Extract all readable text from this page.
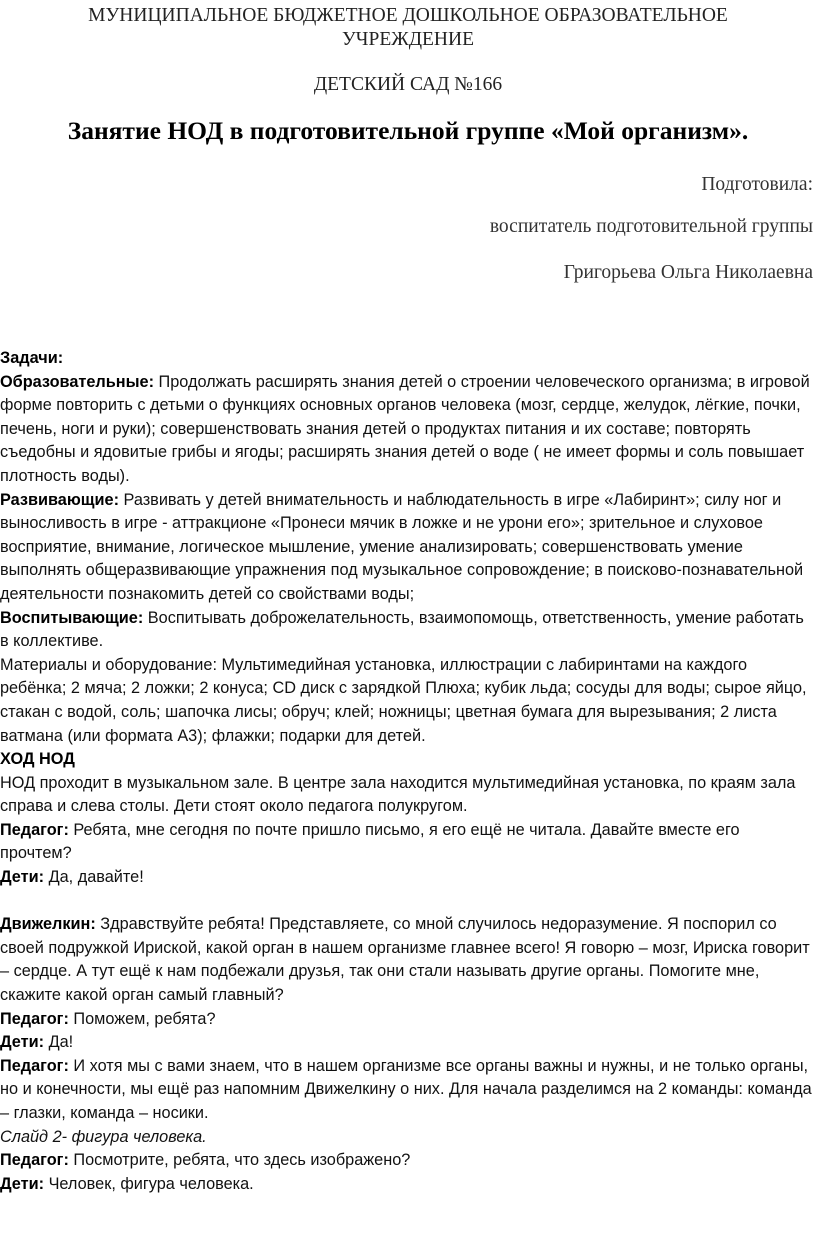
МУНИЦИПАЛЬНОЕ БЮДЖЕТНОЕ ДОШКОЛЬНОЕ ОБРАЗОВАТЕЛЬНОЕ
УЧРЕЖДЕНИЕ
ДЕТСКИЙ САД №166
Занятие НОД в подготовительной группе «Мой организм».
Подготовила:
воспитатель подготовительной группы
Григорьева Ольга Николаевна

Задачи:

Образовательные: Продолжать расширять знания детей о строении человеческого организма; в игровой форме повторить с детьми о функциях основных органов человека (мозг, сердце, желудок, лёгкие, почки, печень, ноги и руки); совершенствовать знания детей о продуктах питания и их составе; повторять съедобны и ядовитые грибы и ягоды; расширять знания детей о воде ( не имеет формы и соль повышает плотность воды).

Развивающие: Развивать у детей внимательность и наблюдательность в игре «Лабиринт»; силу ног и выносливость в игре - аттракционе «Пронеси мячик в ложке и не урони его»; зрительное и слуховое восприятие, внимание, логическое мышление, умение анализировать; совершенствовать умение выполнять общеразвивающие упражнения под музыкальное сопровождение; в поисково-познавательной деятельности познакомить детей со свойствами воды;

Воспитывающие: Воспитывать доброжелательность, взаимопомощь, ответственность, умение работать в коллективе.

Материалы и оборудование: Мультимедийная установка, иллюстрации с лабиринтами на каждого ребёнка; 2 мяча; 2 ложки; 2 конуса; CD диск с зарядкой Плюха; кубик льда; сосуды для воды; сырое яйцо, стакан с водой, соль; шапочка лисы; обруч; клей; ножницы; цветная бумага для вырезывания; 2 листа ватмана (или формата А3); флажки; подарки для детей.

ХОД НОД

НОД проходит в музыкальном зале. В центре зала находится мультимедийная установка, по краям зала справа и слева столы. Дети стоят около педагога полукругом.

Педагог: Ребята, мне сегодня по почте пришло письмо, я его ещё не читала. Давайте вместе его прочтем?

Дети: Да, давайте!

Движелкин: Здравствуйте ребята! Представляете, со мной случилось недоразумение. Я поспорил со своей подружкой Ириской, какой орган в нашем организме главнее всего! Я говорю – мозг, Ириска говорит – сердце. А тут ещё к нам подбежали друзья, так они стали называть другие органы. Помогите мне, скажите какой орган самый главный?

Педагог: Поможем, ребята?

Дети: Да!

Педагог: И хотя мы с вами знаем, что в нашем организме все органы важны и нужны, и не только органы, но и конечности, мы ещё раз напомним Движелкину о них. Для начала разделимся на 2 команды: команда – глазки, команда – носики.

Слайд 2- фигура человека.

Педагог: Посмотрите, ребята, что здесь изображено?

Дети: Человек, фигура человека.
